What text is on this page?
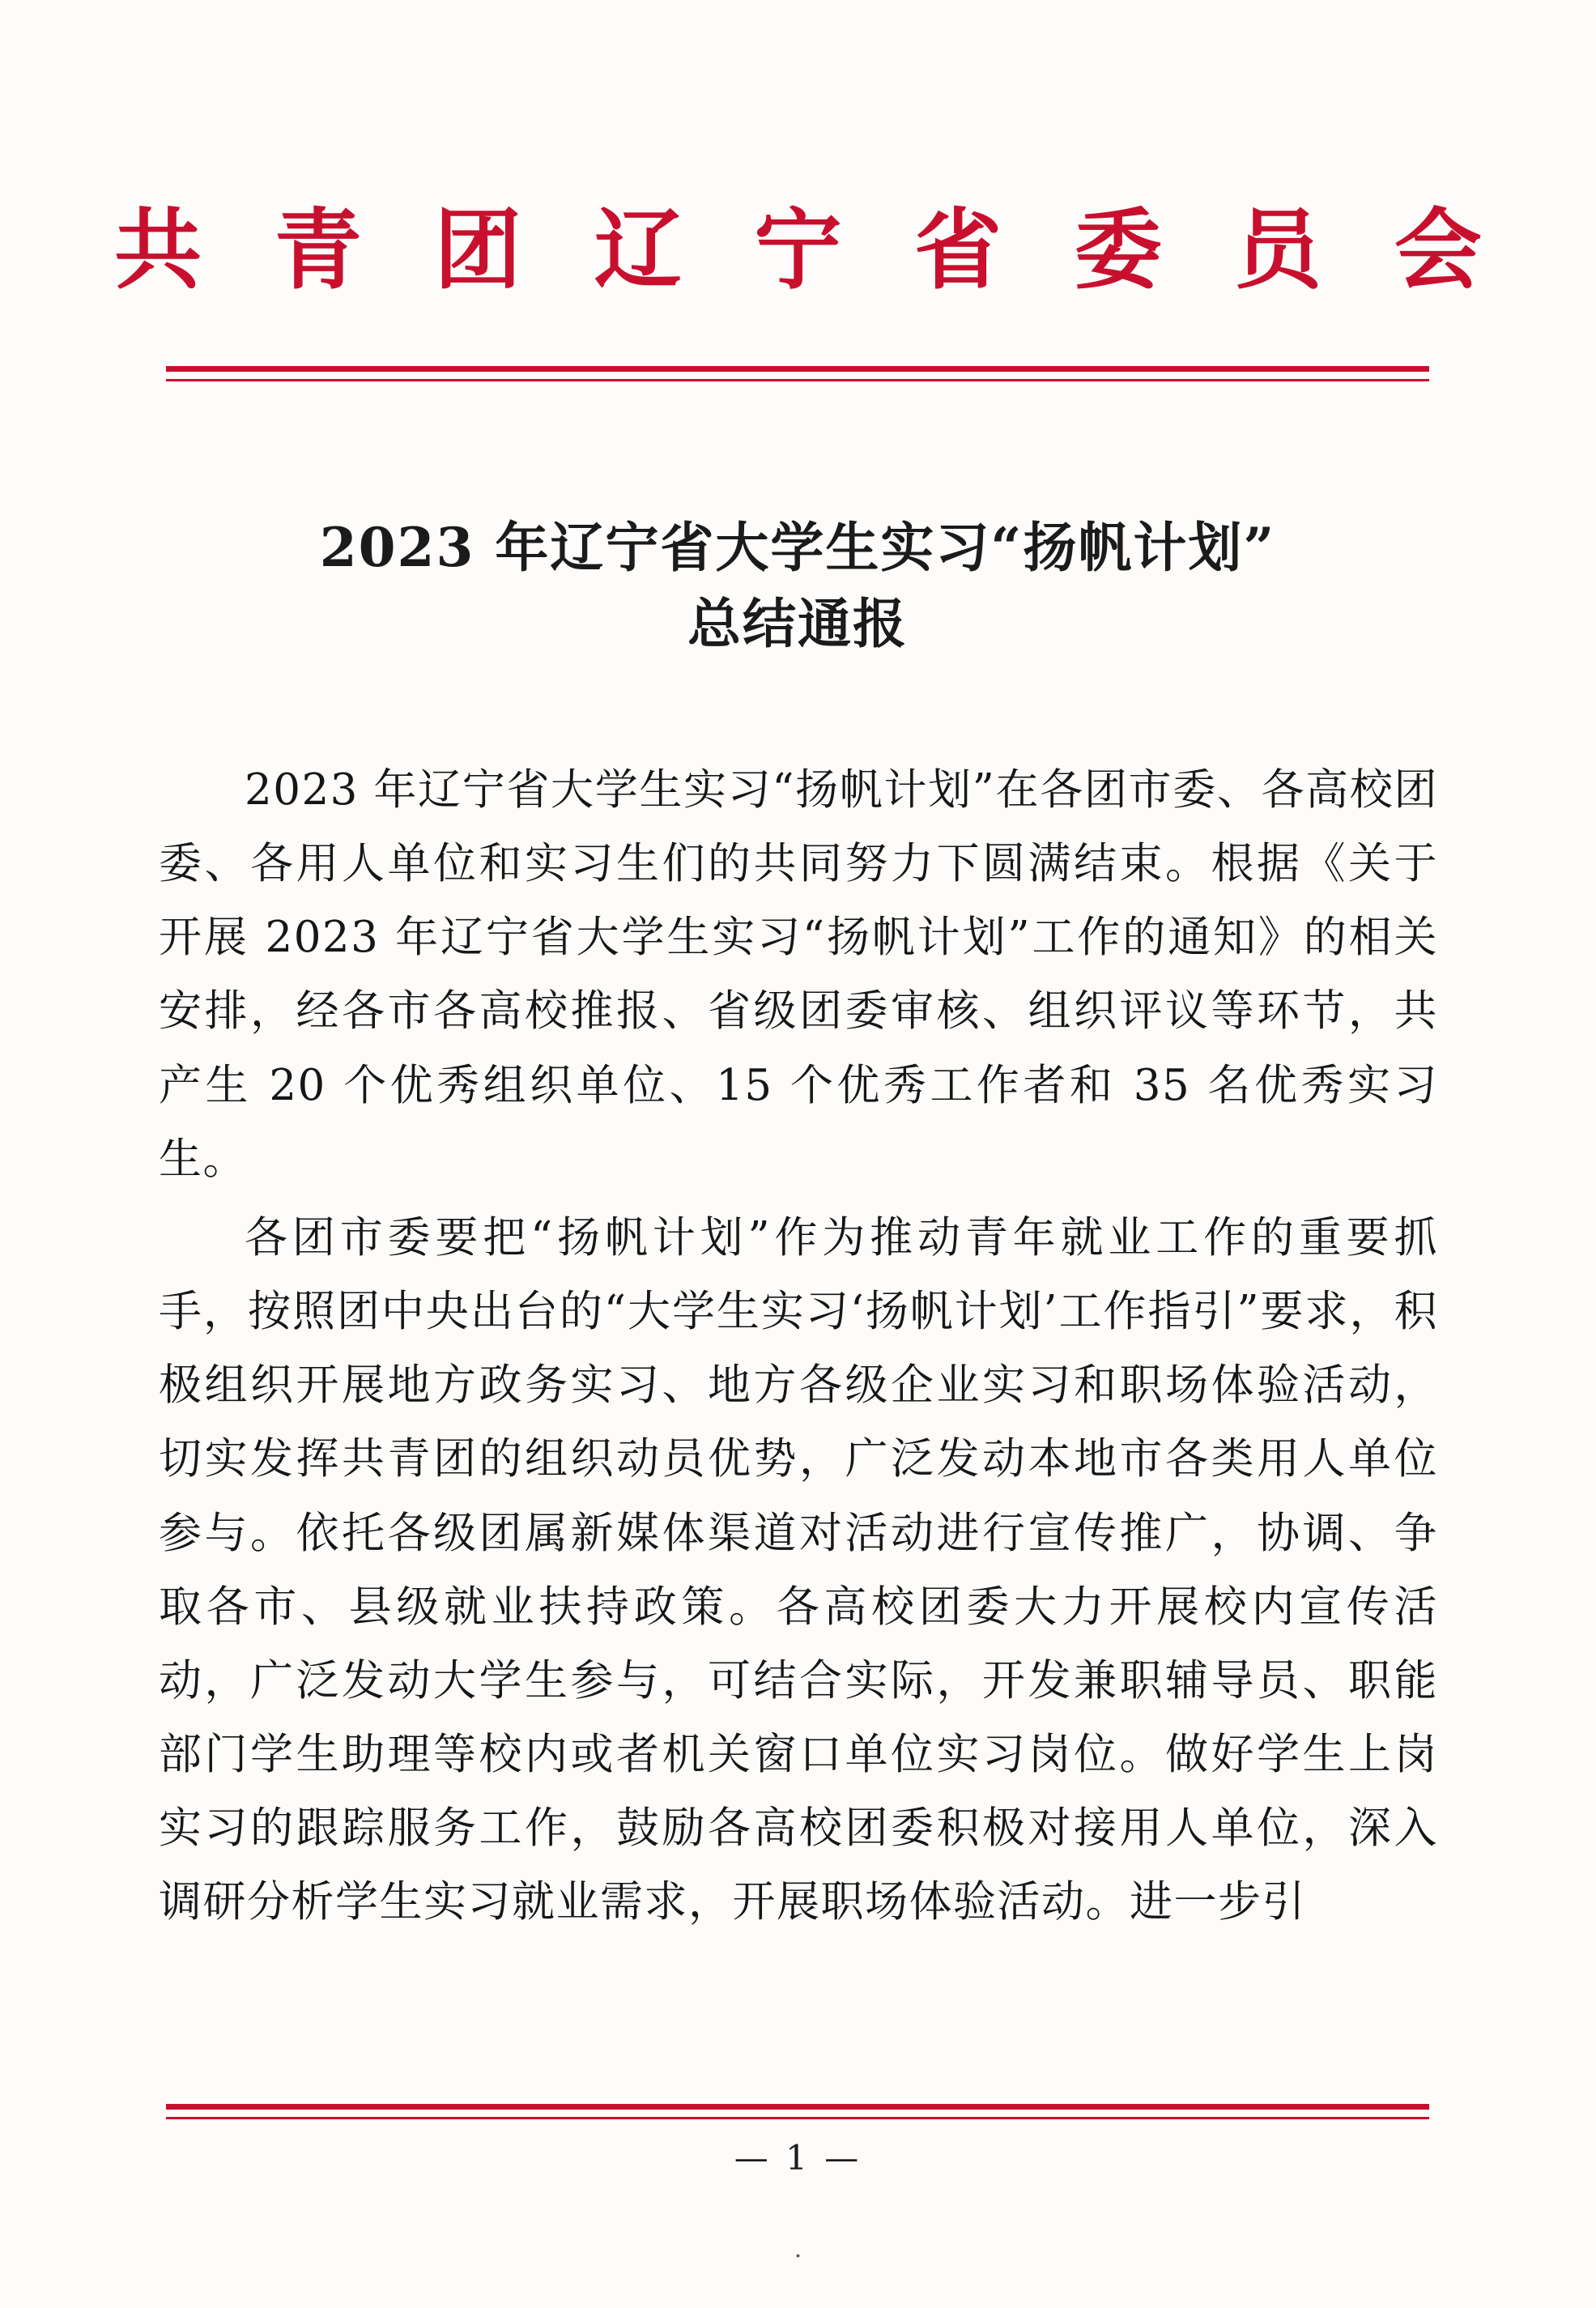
共 青 团 辽 宁 省 委 员 会
2023 年辽宁省大学生实习“扬帆计划”
总结通报

2023 年辽宁省大学生实习“扬帆计划”在各团市委、各高校团委、各用人单位和实习生们的共同努力下圆满结束。根据《关于开展 2023 年辽宁省大学生实习“扬帆计划”工作的通知》的相关安排，经各市各高校推报、省级团委审核、组织评议等环节，共产生 20 个优秀组织单位、15 个优秀工作者和 35 名优秀实习生。

各团市委要把“扬帆计划”作为推动青年就业工作的重要抓手，按照团中央出台的“大学生实习‘扬帆计划’工作指引”要求，积极组织开展地方政务实习、地方各级企业实习和职场体验活动，切实发挥共青团的组织动员优势，广泛发动本地市各类用人单位参与。依托各级团属新媒体渠道对活动进行宣传推广，协调、争取各市、县级就业扶持政策。各高校团委大力开展校内宣传活动，广泛发动大学生参与，可结合实际，开发兼职辅导员、职能部门学生助理等校内或者机关窗口单位实习岗位。做好学生上岗实习的跟踪服务工作，鼓励各高校团委积极对接用人单位，深入调研分析学生实习就业需求，开展职场体验活动。进一步引

— 1 —
.
